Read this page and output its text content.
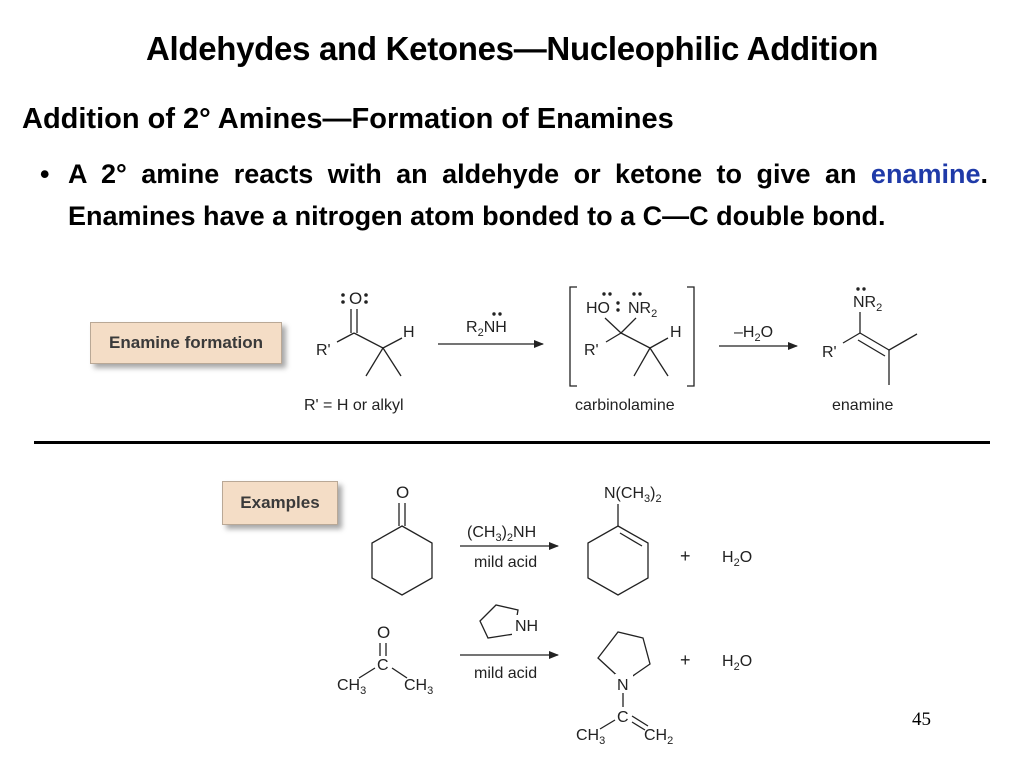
Aldehydes and Ketones—Nucleophilic Addition
Addition of 2° Amines—Formation of Enamines
• A 2° amine reacts with an aldehyde or ketone to give an enamine. Enamines have a nitrogen atom bonded to a C—C double bond.
Enamine formation
Examples
45
O
R'
H	$R_2NH$
HO $NR_2$
R'
H	$-H_2O$
$NR_2$
R'
R' = H or alkyl	carbinolamine	enamine
O
$(CH_3)_2NH$
mild acid
$N(CH_3)_2$
+ $H_2O$
O
C
$CH_3$ $CH_3$
NH
mild acid
N
C
$CH_3$ $CH_2$
+ $H_2O$
